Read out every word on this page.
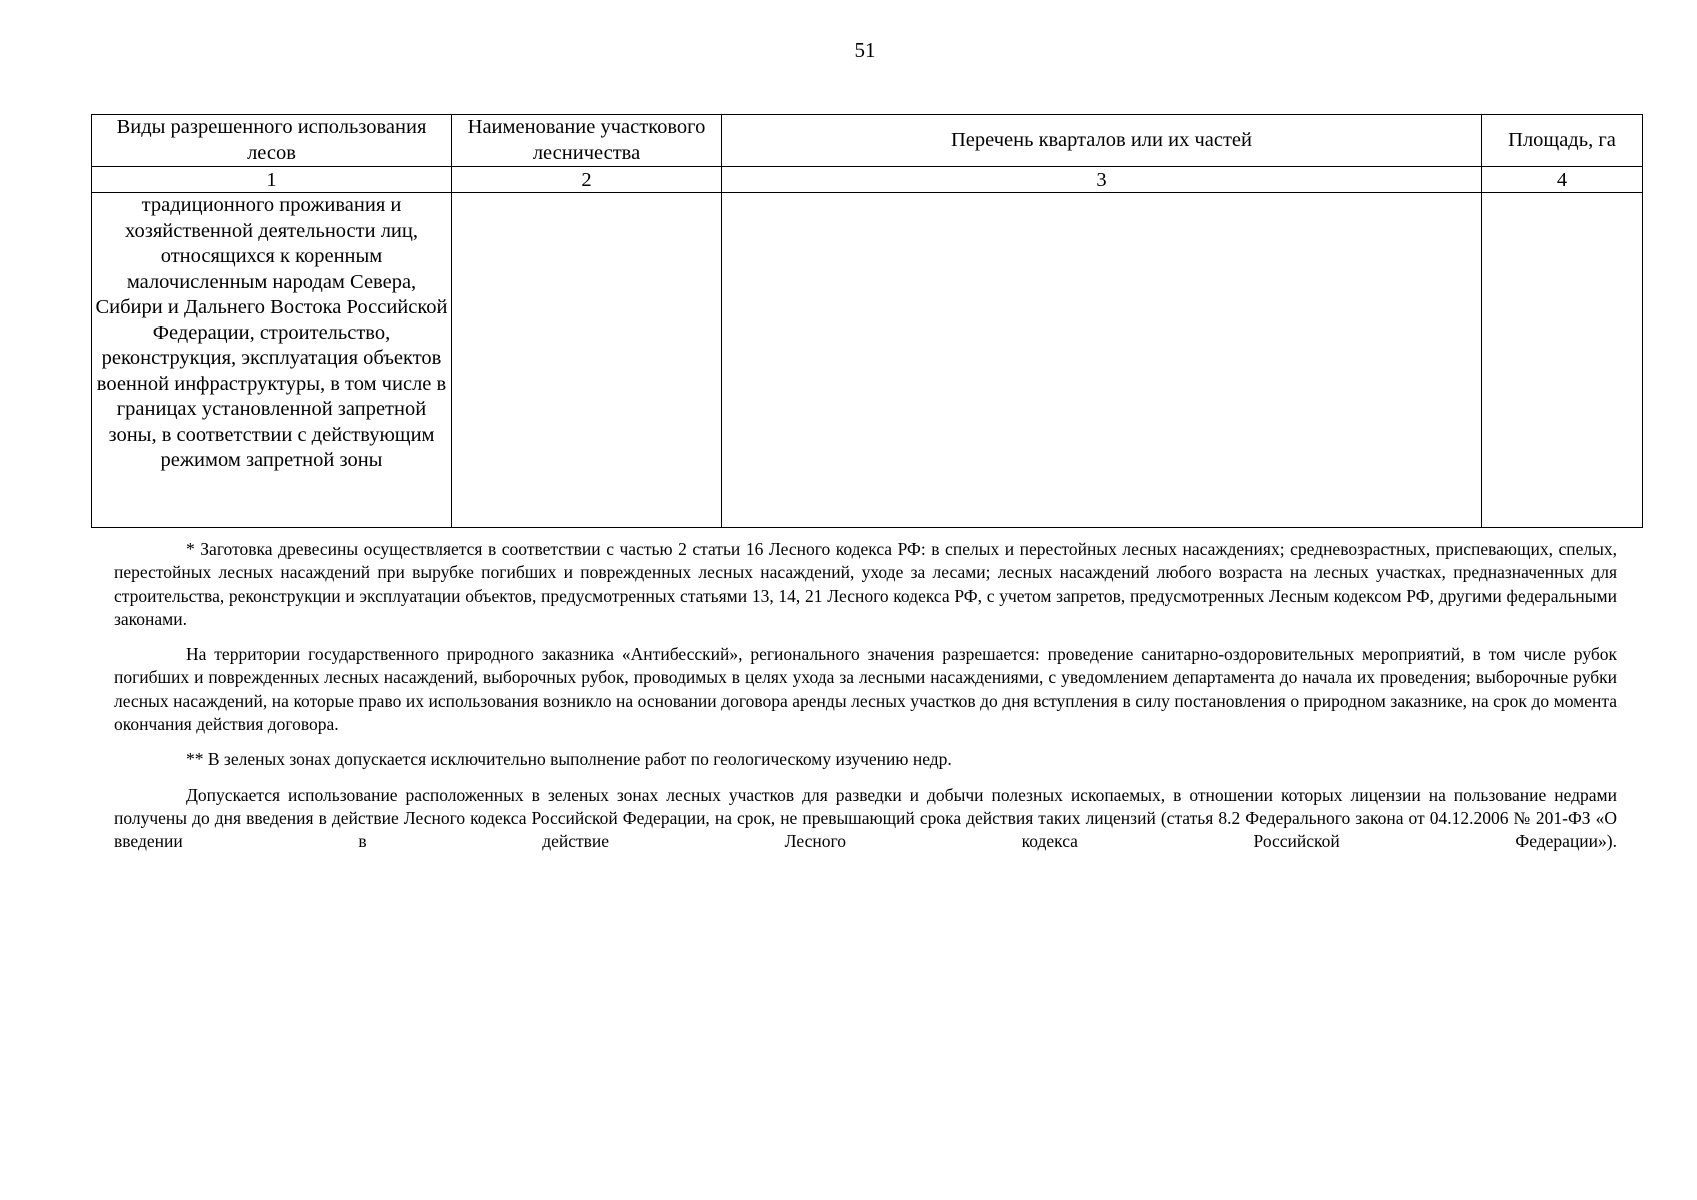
51
Виды разрешенного использования лесов	Наименование участкового лесничества	Перечень кварталов или их частей	Площадь, га
1	2	3	4
традиционного проживания и хозяйственной деятельности лиц, относящихся к коренным малочисленным народам Севера, Сибири и Дальнего Востока Российской Федерации, строительство, реконструкция, эксплуатация объектов военной инфраструктуры, в том числе в границах установленной запретной зоны, в соответствии с действующим режимом запретной зоны			

* Заготовка древесины осуществляется в соответствии с частью 2 статьи 16 Лесного кодекса РФ: в спелых и перестойных лесных насаждениях; средневозрастных, приспевающих, спелых, перестойных лесных насаждений при вырубке погибших и поврежденных лесных насаждений, уходе за лесами; лесных насаждений любого возраста на лесных участках, предназначенных для строительства, реконструкции и эксплуатации объектов, предусмотренных статьями 13, 14, 21 Лесного кодекса РФ, с учетом запретов, предусмотренных Лесным кодексом РФ, другими федеральными законами.

На территории государственного природного заказника «Антибесский», регионального значения разрешается: проведение санитарно-оздоровительных мероприятий, в том числе рубок погибших и поврежденных лесных насаждений, выборочных рубок, проводимых в целях ухода за лесными насаждениями, с уведомлением департамента до начала их проведения; выборочные рубки лесных насаждений, на которые право их использования возникло на основании договора аренды лесных участков до дня вступления в силу постановления о природном заказнике, на срок до момента окончания действия договора.

** В зеленых зонах допускается исключительно выполнение работ по геологическому изучению недр.

Допускается использование расположенных в зеленых зонах лесных участков для разведки и добычи полезных ископаемых, в отношении которых лицензии на пользование недрами получены до дня введения в действие Лесного кодекса Российской Федерации, на срок, не превышающий срока действия таких лицензий (статья 8.2 Федерального закона от 04.12.2006 № 201-ФЗ «О введении в действие Лесного кодекса Российской Федерации»).
